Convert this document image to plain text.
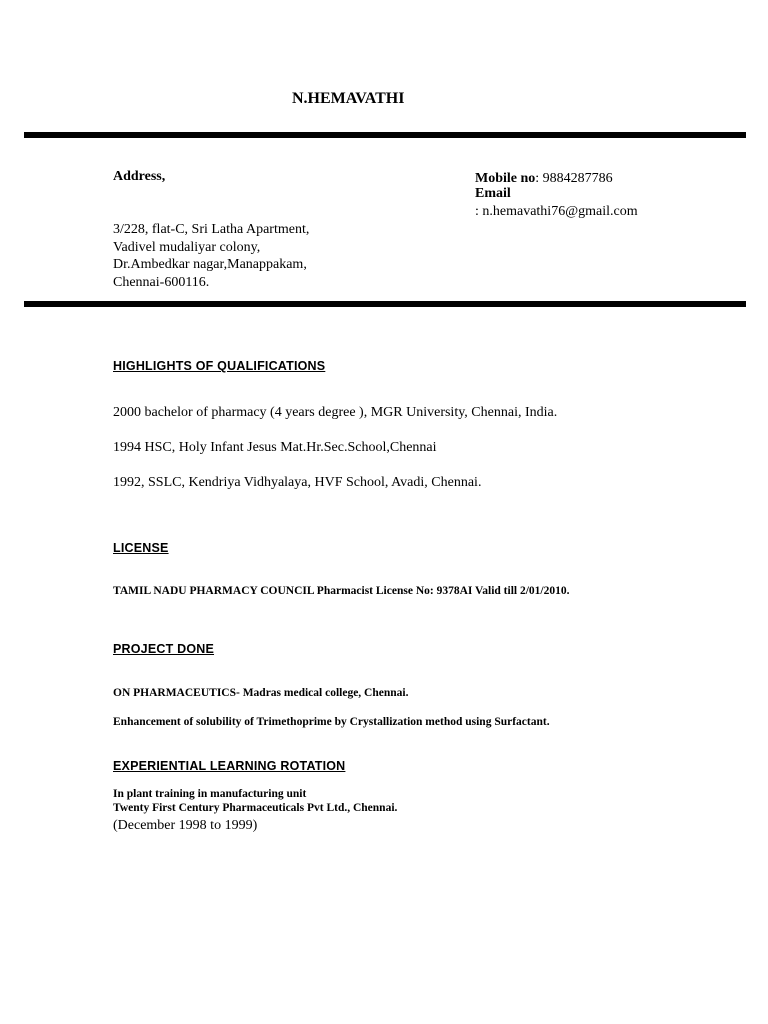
N.HEMAVATHI
Address,
3/228, flat-C, Sri Latha Apartment,
Vadivel mudaliyar colony,
Dr.Ambedkar nagar,Manappakam,
Chennai-600116.
Mobile no: 9884287786
Email
: n.hemavathi76@gmail.com
HIGHLIGHTS OF QUALIFICATIONS
2000 bachelor of pharmacy (4 years degree ), MGR University, Chennai, India.
1994 HSC, Holy Infant Jesus Mat.Hr.Sec.School,Chennai
1992, SSLC, Kendriya Vidhyalaya, HVF School, Avadi, Chennai.
LICENSE
TAMIL NADU PHARMACY COUNCIL Pharmacist License No: 9378AI Valid till 2/01/2010.
PROJECT DONE
ON PHARMACEUTICS- Madras medical college, Chennai.
Enhancement of solubility of Trimethoprime by Crystallization method using Surfactant.
EXPERIENTIAL LEARNING ROTATION
In plant training in manufacturing unit
Twenty First Century Pharmaceuticals Pvt Ltd., Chennai.
(December 1998 to 1999)
